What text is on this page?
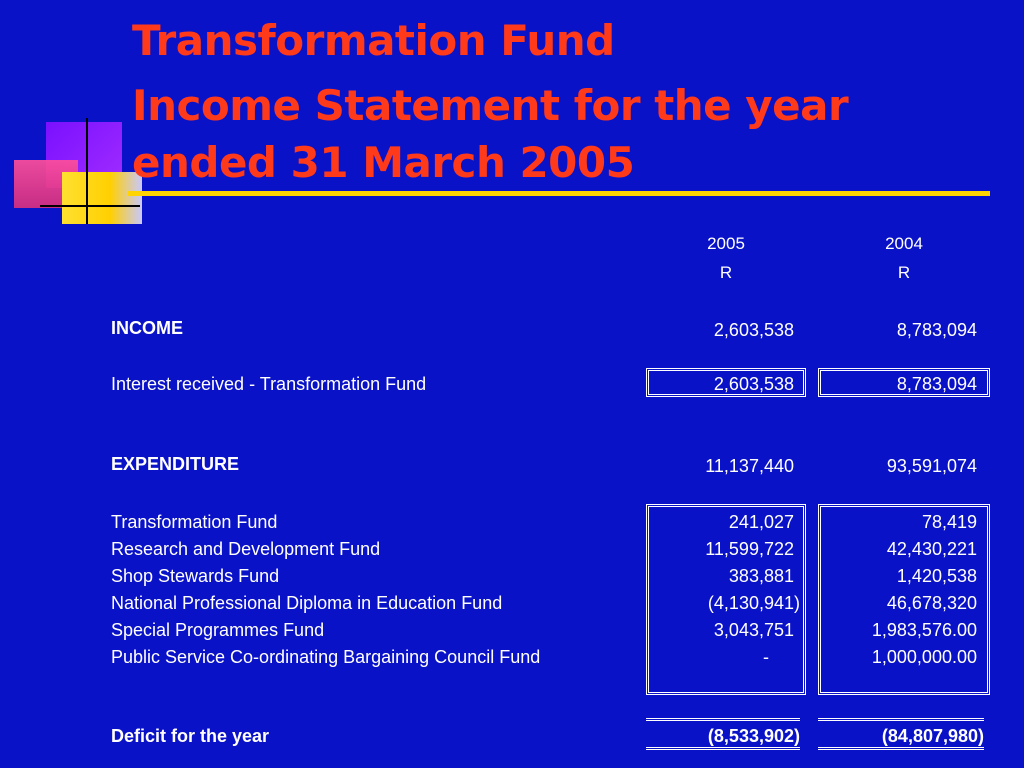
Transformation Fund
Income Statement for the year
ended 31 March 2005
2005	2004
R	R
INCOME	2,603,538	8,783,094
Interest received - Transformation Fund	2,603,538	8,783,094
EXPENDITURE	11,137,440	93,591,074
Transformation Fund	241,027	78,419
Research and Development Fund	11,599,722	42,430,221
Shop Stewards Fund	383,881	1,420,538
National Professional Diploma in Education Fund	(4,130,941)	46,678,320
Special Programmes Fund	3,043,751	1,983,576.00
Public Service Co-ordinating Bargaining Council Fund	-	1,000,000.00
Deficit for the year	(8,533,902)	(84,807,980)
